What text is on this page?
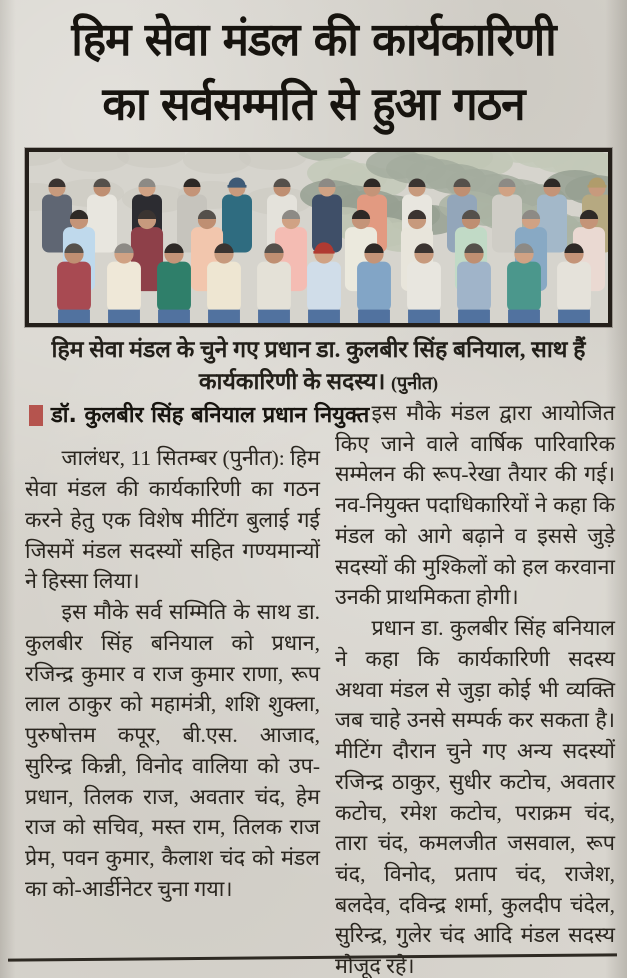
हिम सेवा मंडल की कार्यकारिणी
का सर्वसम्मति से हुआ गठन
हिम सेवा मंडल के चुने गए प्रधान डा. कुलबीर सिंह बनियाल, साथ हैं
कार्यकारिणी के सदस्य। (पुनीत)
डॉ. कुलबीर सिंह बनियाल प्रधान नियुक्त

जालंधर, 11 सितम्बर (पुनीत): हिम सेवा मंडल की कार्यकारिणी का गठन करने हेतु एक विशेष मीटिंग बुलाई गई जिसमें मंडल सदस्यों सहित गण्यमान्यों ने हिस्सा लिया।

इस मौके सर्व सम्मिति के साथ डा. कुलबीर सिंह बनियाल को प्रधान, रजिन्द्र कुमार व राज कुमार राणा, रूप लाल ठाकुर को महामंत्री, शशि शुक्ला, पुरुषोत्तम कपूर, बी.एस. आजाद, सुरिन्द्र किन्नी, विनोद वालिया को उप-प्रधान, तिलक राज, अवतार चंद, हेम राज को सचिव, मस्त राम, तिलक राज प्रेम, पवन कुमार, कैलाश चंद को मंडल का को-आर्डीनेटर चुना गया।

इस मौके मंडल द्वारा आयोजित किए जाने वाले वार्षिक पारिवारिक सम्मेलन की रूप-रेखा तैयार की गई। नव-नियुक्त पदाधिकारियों ने कहा कि मंडल को आगे बढ़ाने व इससे जुड़े सदस्यों की मुश्किलों को हल करवाना उनकी प्राथमिकता होगी।

प्रधान डा. कुलबीर सिंह बनियाल ने कहा कि कार्यकारिणी सदस्य अथवा मंडल से जुड़ा कोई भी व्यक्ति जब चाहे उनसे सम्पर्क कर सकता है। मीटिंग दौरान चुने गए अन्य सदस्यों रजिन्द्र ठाकुर, सुधीर कटोच, अवतार कटोच, रमेश कटोच, पराक्रम चंद, तारा चंद, कमलजीत जसवाल, रूप चंद, विनोद, प्रताप चंद, राजेश, बलदेव, दविन्द्र शर्मा, कुलदीप चंदेल, सुरिन्द्र, गुलेर चंद आदि मंडल सदस्य मौजूद रहे।
